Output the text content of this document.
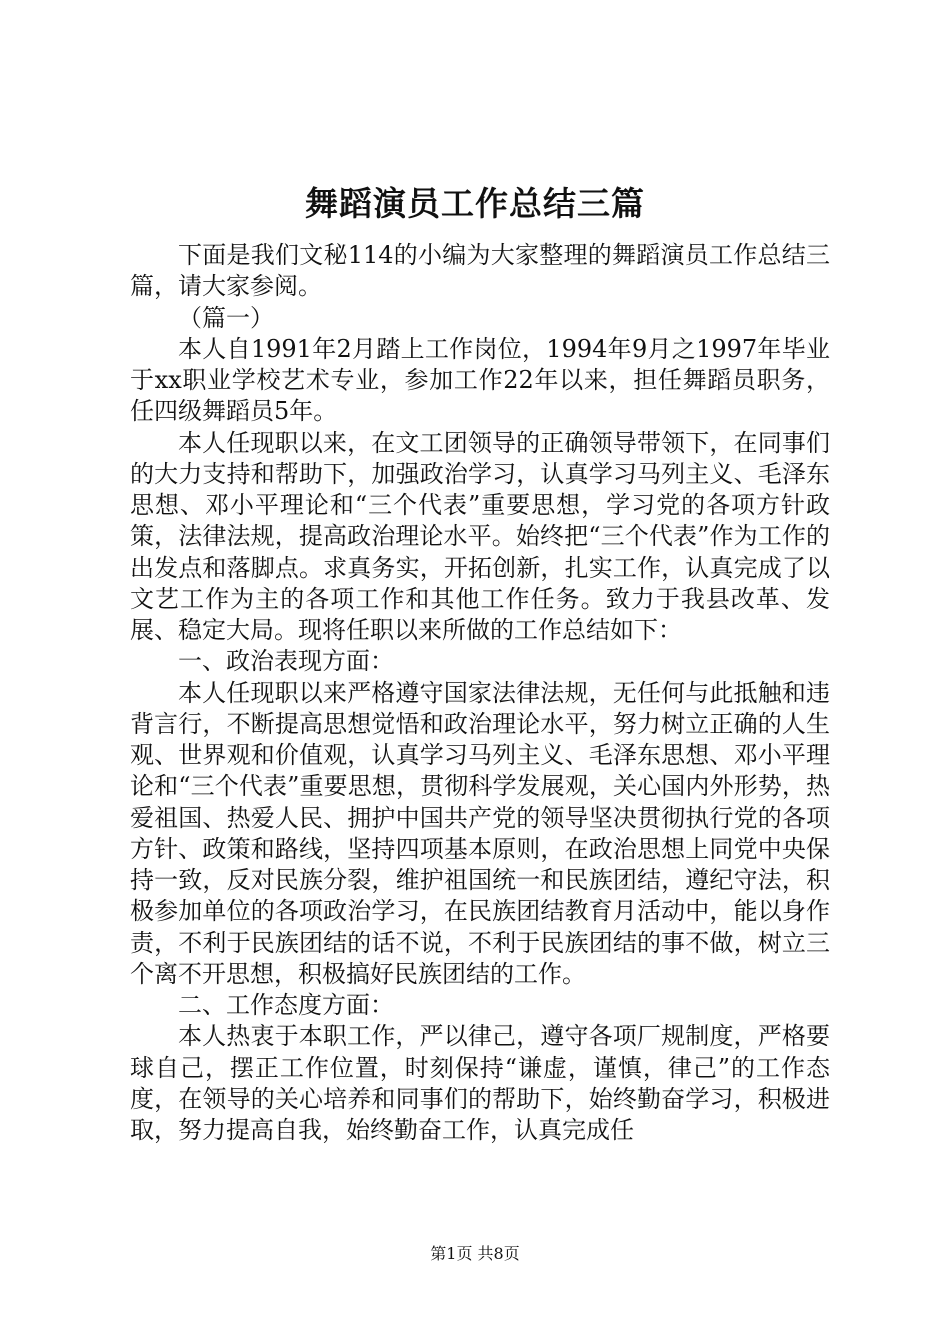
舞蹈演员工作总结三篇

下面是我们文秘114的小编为大家整理的舞蹈演员工作总结三篇，请大家参阅。

（篇一）

本人自1991年2月踏上工作岗位，1994年9月之1997年毕业于xx职业学校艺术专业，参加工作22年以来，担任舞蹈员职务，任四级舞蹈员5年。

本人任现职以来，在文工团领导的正确领导带领下，在同事们的大力支持和帮助下，加强政治学习，认真学习马列主义、毛泽东思想、邓小平理论和“三个代表”重要思想，学习党的各项方针政策，法律法规，提高政治理论水平。始终把“三个代表”作为工作的出发点和落脚点。求真务实，开拓创新，扎实工作，认真完成了以文艺工作为主的各项工作和其他工作任务。致力于我县改革、发展、稳定大局。现将任职以来所做的工作总结如下：

一、政治表现方面：

本人任现职以来严格遵守国家法律法规，无任何与此抵触和违背言行，不断提高思想觉悟和政治理论水平，努力树立正确的人生观、世界观和价值观，认真学习马列主义、毛泽东思想、邓小平理论和“三个代表”重要思想，贯彻科学发展观，关心国内外形势，热爱祖国、热爱人民、拥护中国共产党的领导坚决贯彻执行党的各项方针、政策和路线，坚持四项基本原则，在政治思想上同党中央保持一致，反对民族分裂，维护祖国统一和民族团结，遵纪守法，积极参加单位的各项政治学习，在民族团结教育月活动中，能以身作责，不利于民族团结的话不说，不利于民族团结的事不做，树立三个离不开思想，积极搞好民族团结的工作。

二、工作态度方面：

本人热衷于本职工作，严以律己，遵守各项厂规制度，严格要球自己，摆正工作位置，时刻保持“谦虚，谨慎，律己”的工作态度，在领导的关心培养和同事们的帮助下，始终勤奋学习，积极进取，努力提高自我，始终勤奋工作，认真完成任

第1页 共8页
